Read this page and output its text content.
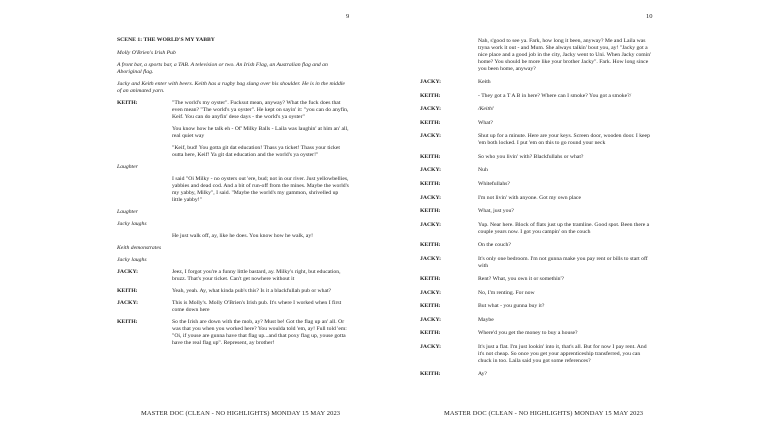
9
SCENE 1: THE WORLD'S MY YABBY
Molly O'Brien's Irish Pub
A front bar, a sports bar, a TAB. A television or two. An Irish Flag, an Australian flag and an Aboriginal flag.
Jacky and Keith enter with beers. Keith has a rugby bag slung over his shoulder. He is in the middle of an animated yarn.
KEITH:	"The world's my oyster". Fucksut mean, anyway? What the fuck does that even mean? "The world's ya oyster". He kept on sayin' it: "you can do anyfin, Keif. You can do anyfin' dese days - the world's ya oyster"
You know how he talk eh - Of' Milky Balls - Laila was laughin' at him an' all, real quiet way
"Keif, bud! You gotta git dat education! Thass ya ticket! Thass your ticket outta here, Keif! Ya git dat education and the world's ya oyster!"
Laughter
I said "Oi Milky - no oysters out 'ere, bud; not in our river. Just yellowbellies, yabbies and dead cod. And a bit of run-off from the mines. Maybe the world's my yabby, Milky", I said. "Maybe the world's my gammon, shrivelled up little yabby!"
Laughter
Jacky laughs
He just walk off, ay, like he does. You know how he walk, ay!
Keith demonstrates
Jacky laughs
JACKY:	Jeez, I forgot you're a funny little bastard, ay. Milky's right, but education, bruzz. That's your ticket. Can't get nowhere without it
KEITH:	Yeah, yeah. Ay, what kinda pub's this? Is it a blackfullah pub or what?
JACKY:	This is Molly's. Molly O'Brien's Irish pub. It's where I worked when I first come down here
KEITH:	So the Irish are down with the mob, ay? Must be! Got the flag up an' all. Or was that you when you worked here? You woulda told 'em, ay! Full told 'em: "Oi, if youse are gunna have that flag up...and that poxy flag up, youse gotta have the real flag up". Represent, ay brother!
MASTER DOC (CLEAN - NO HIGHLIGHTS) MONDAY 15 MAY 2023
10
Nah, s'good to see ya. Fark, how long it been, anyway? Me and Laila was tryna work it out - and Mum. She always talkin' bout you, ay! "Jacky got a nice place and a good job in the city, Jacky went to Uni. When Jacky comin' home? You should be more like your brother Jacky". Fark. How long since you been home, anyway?
JACKY:	Keith
KEITH:	- They got a T A B in here? Where can I smoke? You got a smoke?/
JACKY:	/Keith!
KEITH:	What?
JACKY:	Shut up for a minute. Here are your keys. Screen door, wooden door. I keep 'em both locked. I put 'em on this to go round your neck
KEITH:	So who you livin' with? Blackfullahs or what?
JACKY:	Nuh
KEITH:	Whitefullahs?
JACKY:	I'm not livin' with anyone. Got my own place
KEITH:	What, just you?
JACKY:	Yup. Near here. Block of flats just up the tramline. Good spot. Been there a couple years now. I got you campin' on the couch
KEITH:	On the couch?
JACKY:	It's only one bedroom. I'm not gunna make you pay rent or bills to start off with
KEITH:	Rent? What, you own it or somethin'?
JACKY:	No, I'm renting. For now
KEITH:	But what - you gunna buy it?
JACKY:	Maybe
KEITH:	Where'd you get the money to buy a house?
JACKY:	It's just a flat. I'm just lookin' into it, that's all. But for now I pay rent. And it's not cheap. So once you get your apprenticeship transferred, you can chuck in too. Laila said you got some references?
KEITH:	Ay?
MASTER DOC (CLEAN - NO HIGHLIGHTS) MONDAY 15 MAY 2023
